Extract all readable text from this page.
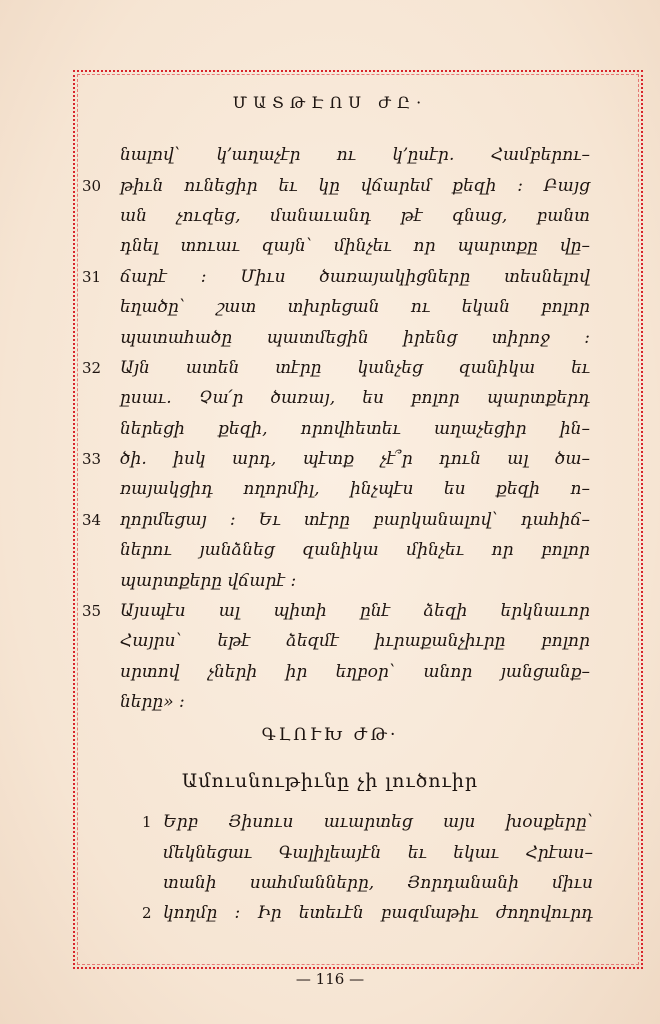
ՄԱՏԹԷՈՍ ԺԸ·
նալով՝ կ՚աղաչէր ու կ՚ըսէր․ Համբերու–
30	թիւն ունեցիր եւ կը վճարեմ քեզի : Բայց
ան չուզեց, մանաւանդ թէ գնաց, բանտ
դնել տուաւ զայն՝ մինչեւ որ պարտքը վը–
31	ճարէ : Միւս ծառայակիցները տեսնելով
եղածը՝ շատ տխրեցան ու եկան բոլոր
պատահածը պատմեցին իրենց տիրոջ :
32	Այն ատեն տէրը կանչեց զանիկա եւ
ըսաւ․ Չա՛ր ծառայ, ես բոլոր պարտքերդ
ներեցի քեզի, որովհետեւ աղաչեցիր ին–
33	ծի․ իսկ արդ, պէտք չէ՞ր դուն ալ ծա–
ռայակցիդ ողորմիլ, ինչպէս ես քեզի ո–
34	ղորմեցայ : Եւ տէրը բարկանալով՝ դահիճ–
ներու յանձնեց զանիկա մինչեւ որ բոլոր
պարտքերը վճարէ :
35	Այսպէս ալ պիտի ընէ ձեզի երկնաւոր
Հայրս՝ եթէ ձեզմէ իւրաքանչիւրը բոլոր
սրտով չների իր եղբօր՝ անոր յանցանք–
ները» :
ԳԼՈՒԽ ԺԹ·
Ամուսնութիւնը չի լուծուիր
1 Երբ Յիսուս աւարտեց այս խօսքերը՝
մեկնեցաւ Գալիլեայէն եւ եկաւ Հրէաս–
տանի սահմանները, Յորդանանի միւս
2 կողմը : Իր ետեւէն բազմաթիւ ժողովուրդ
— 116 —
